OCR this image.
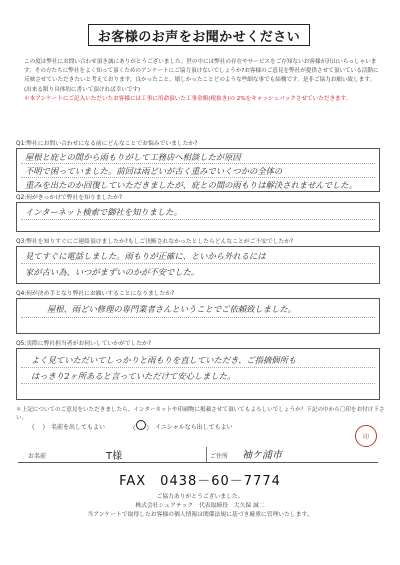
お客様のお声をお聞かせください

この度は弊社にお問い合わせ頂き誠にありがとうございました。世の中には弊社の存在やサービスをご存知ないお客様が沢山いらっしゃいます。その方たちに弊社をよく知って頂くためのアンケートにご協力頂けないでしょうか?お客様のご意見を弊社が提供させて頂いている活動に反映させていただきたいと考えております。良かったこと、嬉しかったことどのような些細な事でも結構です。是非ご協力お願い致します。(出来る限り具体的に書いて頂ければ幸いです)

＊本アンケートにご記入いただいたお客様には工事に用命頂いた工事金額(税抜き)の 2%をキャッシュバックさせていただきます。

Q1:弊社にお問い合わせになる前にどんなことでお悩みでいましたか?
屋根と庇との間から雨もりがして工務店へ相談したが原因
不明で困っていました。前回は雨どいが古く重みでいくつかの全体の
重みを出たのか回復していただきましたが、庇との間の雨もりは解決されませんでした。
Q2:何がきっかけで弊社を知りましたか?
インターネット検索で御社を知りました。
Q3:弊社を知りすぐにご連絡頂けましたか?もしご決断されなかったとしたらどんなことがご不安でしたか?
見てすぐに電話しました。雨もりが正確に、といから外れるには
家が古い為、いつがまずいのかが不安でした。
Q4:何が決め手となり弊社にお願いすることになりましたか?
屋根、雨どい修理の専門業者さんということでご依頼致しました。
Q5:実際に弊社担当者がお伺いしていかがでしたか?
よく見ていただいてしっかりと雨もりを直していただき、ご指摘個所も
はっきり2ヶ所あると言っていただけて安心しました。
＊上記についてのご意見をいただきましたら、インターネットや印刷物に掲載させて頂いてもよろしいでしょうか？下記の中から〇印をお付け下さい。
（　） 名前を出してもよい	（○） イニシャルなら出してもよい
印
お名前	T様	ご住所 袖ケ浦市
FAX　0438－60－7774

ご協力ありがとうございました。

株式会社シェアテック　代表取締役　大久保 誠二

当アンケートで取得したお客様の個人情報は関係法規に基づき厳重に管理いたします。
